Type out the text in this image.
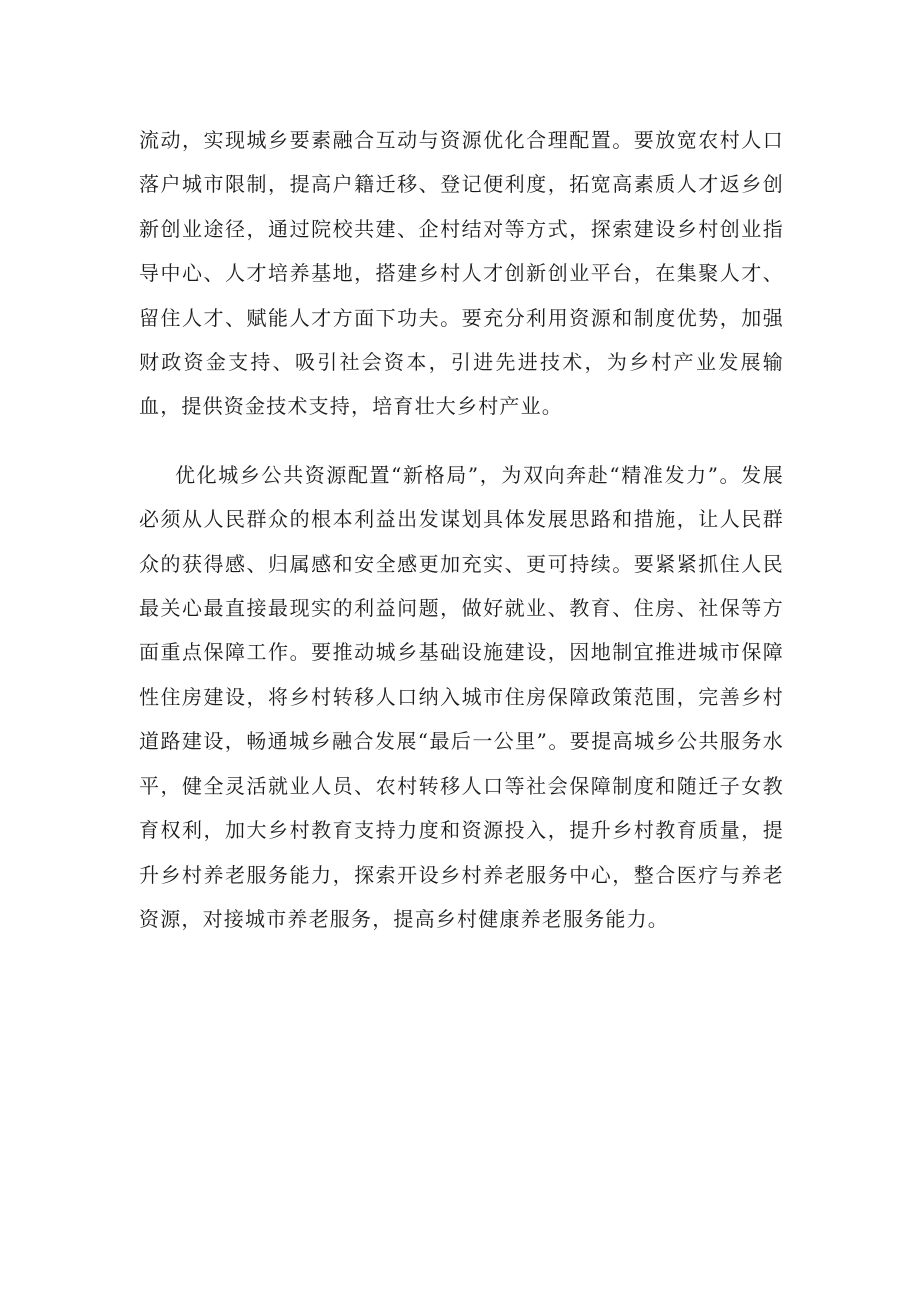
流动，实现城乡要素融合互动与资源优化合理配置。要放宽农村人口落户城市限制，提高户籍迁移、登记便利度，拓宽高素质人才返乡创新创业途径，通过院校共建、企村结对等方式，探索建设乡村创业指导中心、人才培养基地，搭建乡村人才创新创业平台，在集聚人才、留住人才、赋能人才方面下功夫。要充分利用资源和制度优势，加强财政资金支持、吸引社会资本，引进先进技术，为乡村产业发展输血，提供资金技术支持，培育壮大乡村产业。

优化城乡公共资源配置“新格局”，为双向奔赴“精准发力”。发展必须从人民群众的根本利益出发谋划具体发展思路和措施，让人民群众的获得感、归属感和安全感更加充实、更可持续。要紧紧抓住人民最关心最直接最现实的利益问题，做好就业、教育、住房、社保等方面重点保障工作。要推动城乡基础设施建设，因地制宜推进城市保障性住房建设，将乡村转移人口纳入城市住房保障政策范围，完善乡村道路建设，畅通城乡融合发展“最后一公里”。要提高城乡公共服务水平，健全灵活就业人员、农村转移人口等社会保障制度和随迁子女教育权利，加大乡村教育支持力度和资源投入，提升乡村教育质量，提升乡村养老服务能力，探索开设乡村养老服务中心，整合医疗与养老资源，对接城市养老服务，提高乡村健康养老服务能力。
